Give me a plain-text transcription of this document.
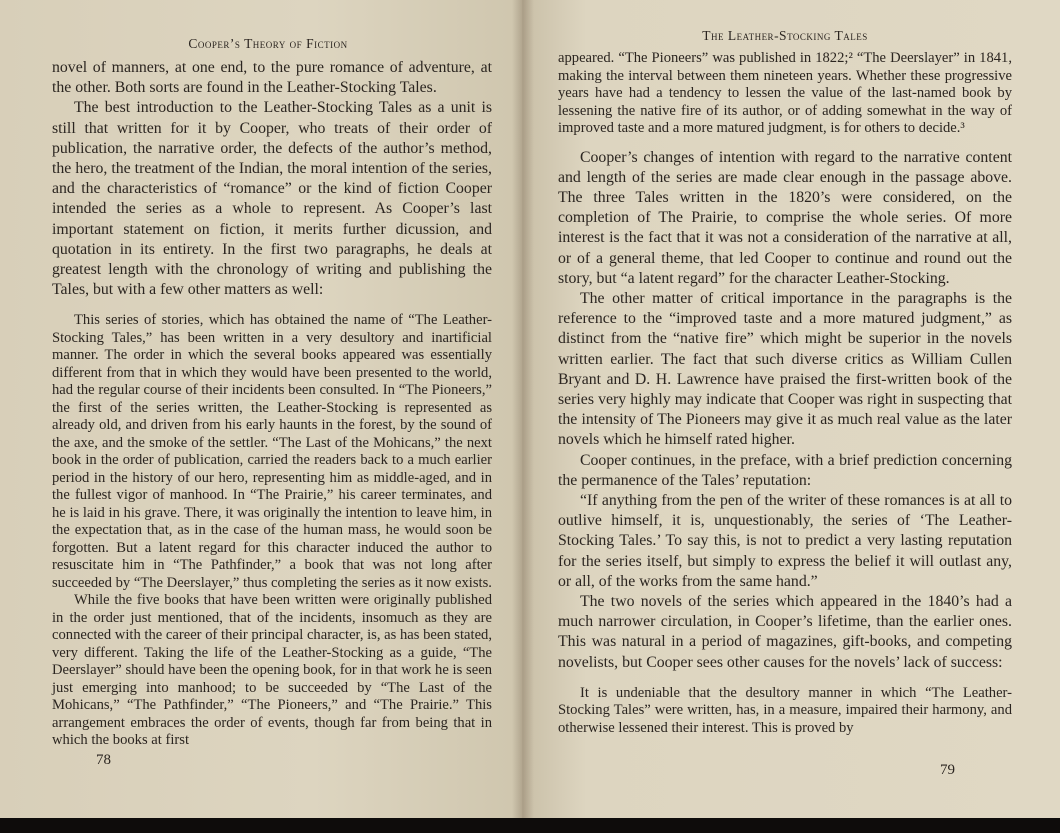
Cooper’s Theory of Fiction

novel of manners, at one end, to the pure romance of adventure, at the other. Both sorts are found in the Leather-Stocking Tales.

The best introduction to the Leather-Stocking Tales as a unit is still that written for it by Cooper, who treats of their order of publication, the narrative order, the defects of the author’s method, the hero, the treatment of the Indian, the moral intention of the series, and the characteristics of “romance” or the kind of fiction Cooper intended the series as a whole to represent. As Cooper’s last important statement on fiction, it merits further dicussion, and quotation in its entirety. In the first two paragraphs, he deals at greatest length with the chronology of writing and publishing the Tales, but with a few other matters as well:

This series of stories, which has obtained the name of “The Leather-Stocking Tales,” has been written in a very desultory and inartificial manner. The order in which the several books appeared was essentially different from that in which they would have been presented to the world, had the regular course of their incidents been consulted. In “The Pioneers,” the first of the series written, the Leather-Stocking is represented as already old, and driven from his early haunts in the forest, by the sound of the axe, and the smoke of the settler. “The Last of the Mohicans,” the next book in the order of publication, carried the readers back to a much earlier period in the history of our hero, representing him as middle-aged, and in the fullest vigor of manhood. In “The Prairie,” his career terminates, and he is laid in his grave. There, it was originally the intention to leave him, in the expectation that, as in the case of the human mass, he would soon be forgotten. But a latent regard for this character induced the author to resuscitate him in “The Pathfinder,” a book that was not long after succeeded by “The Deerslayer,” thus completing the series as it now exists.
While the five books that have been written were originally published in the order just mentioned, that of the incidents, insomuch as they are connected with the career of their principal character, is, as has been stated, very different. Taking the life of the Leather-Stocking as a guide, “The Deerslayer” should have been the opening book, for in that work he is seen just emerging into manhood; to be succeeded by “The Last of the Mohicans,” “The Pathfinder,” “The Pioneers,” and “The Prairie.” This arrangement embraces the order of events, though far from being that in which the books at first
The Leather-Stocking Tales
appeared. “The Pioneers” was published in 1822;² “The Deerslayer” in 1841, making the interval between them nineteen years. Whether these progressive years have had a tendency to lessen the value of the last-named book by lessening the native fire of its author, or of adding somewhat in the way of improved taste and a more matured judgment, is for others to decide.³

Cooper’s changes of intention with regard to the narrative content and length of the series are made clear enough in the passage above. The three Tales written in the 1820’s were considered, on the completion of The Prairie, to comprise the whole series. Of more interest is the fact that it was not a consideration of the narrative at all, or of a general theme, that led Cooper to continue and round out the story, but “a latent regard” for the character Leather-Stocking.

The other matter of critical importance in the paragraphs is the reference to the “improved taste and a more matured judgment,” as distinct from the “native fire” which might be superior in the novels written earlier. The fact that such diverse critics as William Cullen Bryant and D. H. Lawrence have praised the first-written book of the series very highly may indicate that Cooper was right in suspecting that the intensity of The Pioneers may give it as much real value as the later novels which he himself rated higher.

Cooper continues, in the preface, with a brief prediction concerning the permanence of the Tales’ reputation:

“If anything from the pen of the writer of these romances is at all to outlive himself, it is, unquestionably, the series of ‘The Leather-Stocking Tales.’ To say this, is not to predict a very lasting reputation for the series itself, but simply to express the belief it will outlast any, or all, of the works from the same hand.”

The two novels of the series which appeared in the 1840’s had a much narrower circulation, in Cooper’s lifetime, than the earlier ones. This was natural in a period of magazines, gift-books, and competing novelists, but Cooper sees other causes for the novels’ lack of success:

It is undeniable that the desultory manner in which “The Leather-Stocking Tales” were written, has, in a measure, impaired their harmony, and otherwise lessened their interest. This is proved by
78
79
